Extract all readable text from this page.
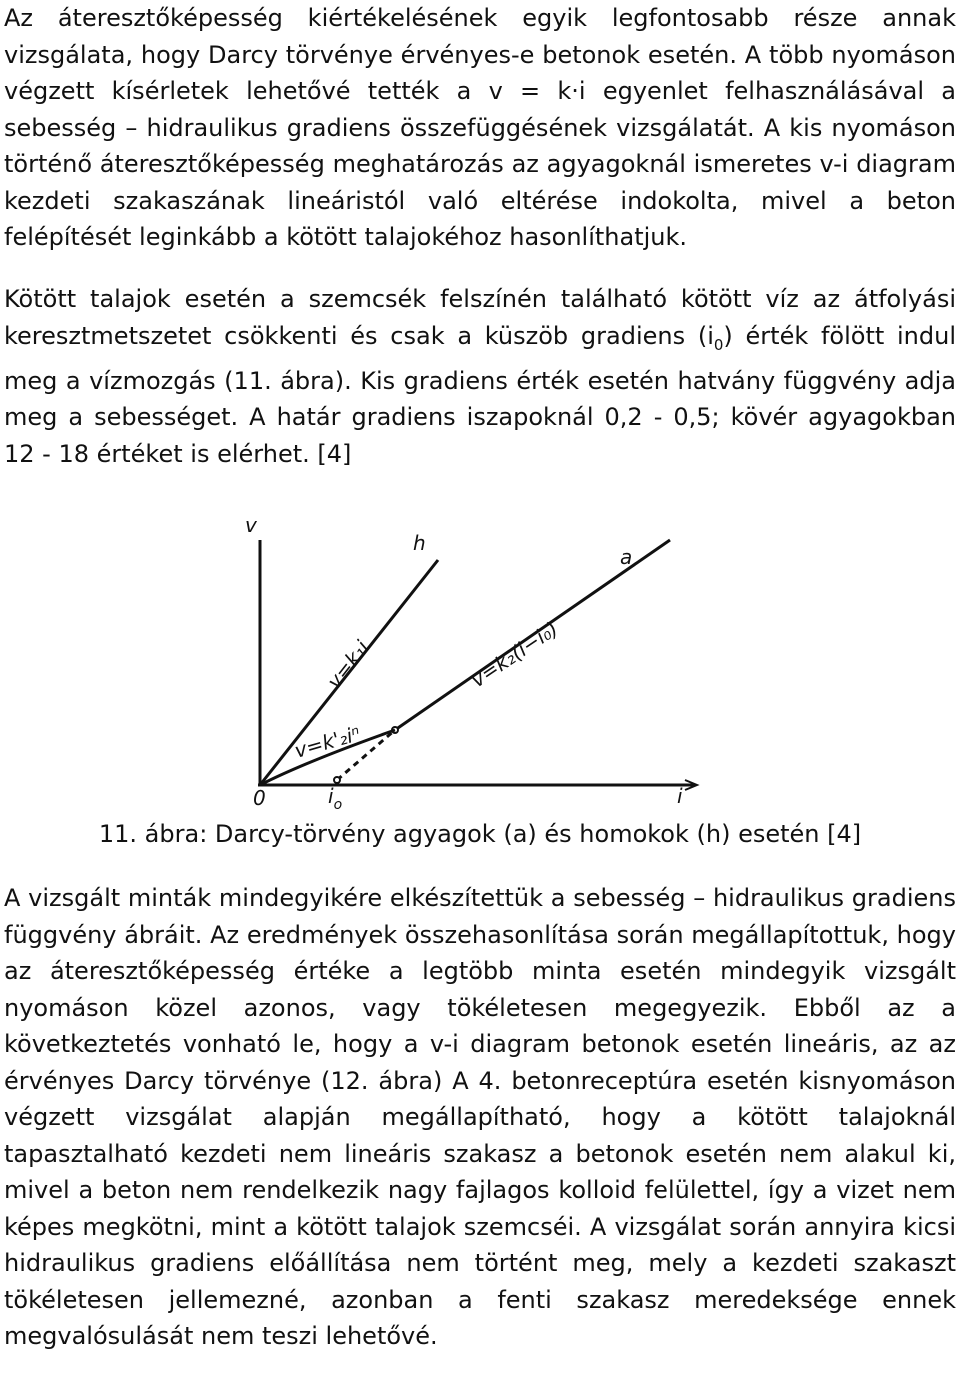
Az áteresztőképesség kiértékelésének egyik legfontosabb része annak vizsgálata, hogy Darcy törvénye érvényes-e betonok esetén. A több nyomáson végzett kísérletek lehetővé tették a v = k·i egyenlet felhasználásával a sebesség – hidraulikus gradiens összefüggésének vizsgálatát. A kis nyomáson történő áteresztőképesség meghatározás az agyagoknál ismeretes v-i diagram kezdeti szakaszának lineáristól való eltérése indokolta, mivel a beton felépítését leginkább a kötött talajokéhoz hasonlíthatjuk.

Kötött talajok esetén a szemcsék felszínén található kötött víz az átfolyási keresztmetszetet csökkenti és csak a küszöb gradiens $(i_0)$ érték fölött indul meg a vízmozgás (11. ábra). Kis gradiens érték esetén hatvány függvény adja meg a sebességet. A határ gradiens iszapoknál 0,2 - 0,5; kövér agyagokban 12 - 18 értéket is elérhet. [4]

v
i
0	$i_o$
h
a
v=k₁i	v=k₂(i−i₀)
v=k'₂iⁿ

11. ábra: Darcy-törvény agyagok (a) és homokok (h) esetén [4]

A vizsgált minták mindegyikére elkészítettük a sebesség – hidraulikus gradiens függvény ábráit. Az eredmények összehasonlítása során megállapítottuk, hogy az áteresztőképesség értéke a legtöbb minta esetén mindegyik vizsgált nyomáson közel azonos, vagy tökéletesen megegyezik. Ebből az a következtetés vonható le, hogy a v-i diagram betonok esetén lineáris, az az érvényes Darcy törvénye (12. ábra) A 4. betonreceptúra esetén kisnyomáson végzett vizsgálat alapján megállapítható, hogy a kötött talajoknál tapasztalható kezdeti nem lineáris szakasz a betonok esetén nem alakul ki, mivel a beton nem rendelkezik nagy fajlagos kolloid felülettel, így a vizet nem képes megkötni, mint a kötött talajok szemcséi. A vizsgálat során annyira kicsi hidraulikus gradiens előállítása nem történt meg, mely a kezdeti szakaszt tökéletesen jellemezné, azonban a fenti szakasz meredeksége ennek megvalósulását nem teszi lehetővé.
